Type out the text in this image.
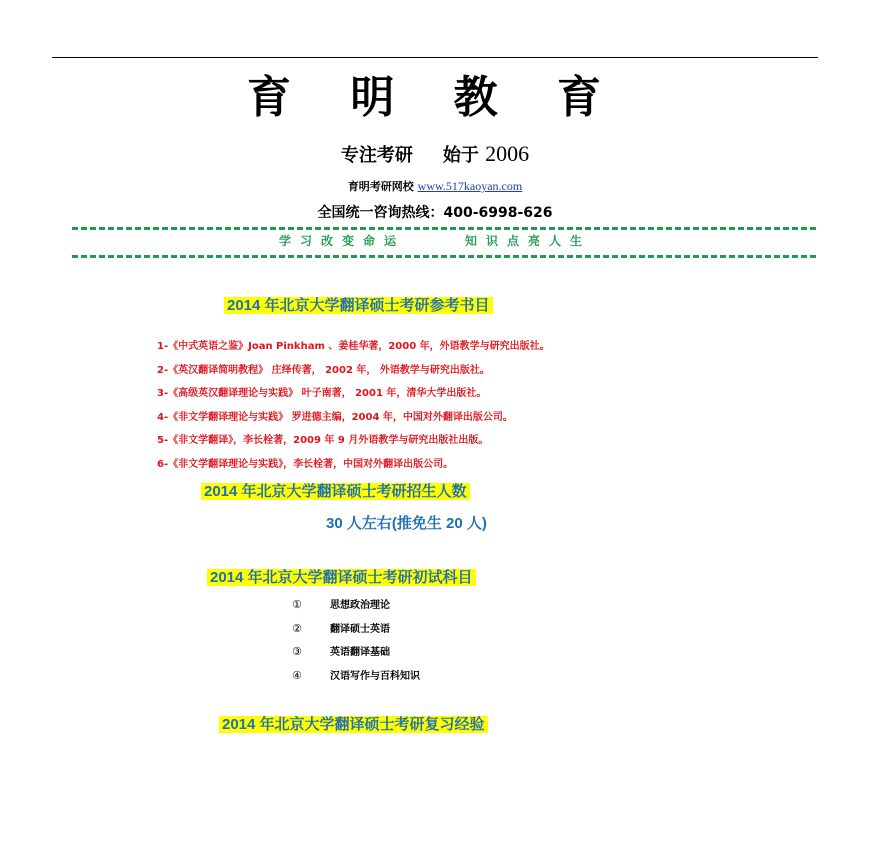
育 明 教 育
专注考研 始于 2006
育明考研网校 www.517kaoyan.com
全国统一咨询热线：400-6998-626
学习改变命运	知识点亮人生
2014 年北京大学翻译硕士考研参考书目
1-《中式英语之鉴》Joan Pinkham 、姜桂华著，2000 年，外语教学与研究出版社。
2-《英汉翻译简明教程》 庄绎传著， 2002 年， 外语教学与研究出版社。
3-《高级英汉翻译理论与实践》 叶子南著， 2001 年，清华大学出版社。
4-《非文学翻译理论与实践》 罗进德主编，2004 年，中国对外翻译出版公司。
5-《非文学翻译》，李长栓著，2009 年 9 月外语教学与研究出版社出版。
6-《非文学翻译理论与实践》，李长栓著，中国对外翻译出版公司。
2014 年北京大学翻译硕士考研招生人数
30 人左右(推免生 20 人)
2014 年北京大学翻译硕士考研初试科目
①	思想政治理论
②	翻译硕士英语
③	英语翻译基础
④	汉语写作与百科知识
2014 年北京大学翻译硕士考研复习经验
